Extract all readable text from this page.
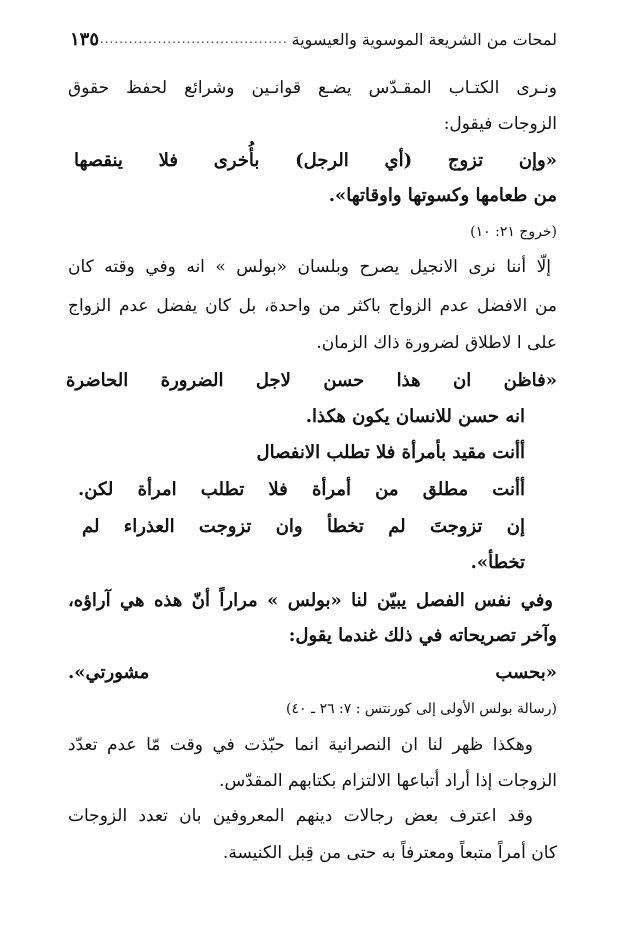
لمحات من الشريعة الموسوية والعيسوية
.......................................
١٣٥
ونـرى الكتـاب المقـدّس يضـع قوانـين وشرائع لحفظ حقوق
الزوجات فيقول:
«وإن تزوج (أي الرجل) بأُخرى فلا ينقصها
من طعامها وكسوتها واوقاتها».
(خروج ٢١: ١٠)
إلّا أننا نرى الانجيل يصرح وبلسان «بولس » انه وفي وقته كان
من الافضل عدم الزواج باكثر من واحدة، بل كان يفضل عدم الزواج
على ا لاطلاق لضرورة ذاك الزمان.
«فاظن ان هذا حسن لاجل الضرورة الحاضرة
انه حسن للانسان يكون هكذا.
أأنت مقيد بأمرأة فلا تطلب الانفصال
أأنت مطلق من أمرأة فلا تطلب امرأة لكن.
إن تزوجتَ لم تخطأ وان تزوجت العذراء لم
تخطأ».
وفي نفس الفصل يبيّن لنا «بولس » مراراً أنّ هذه هي آراؤه،
وآخر تصريحاته في ذلك غندما يقول:
«بحسب مشورتي».
(رسالة بولس الأولى إلى كورنتس : ٧: ٢٦ ـ ٤٠)
وهكذا ظهر لنا ان النصرانية انما حبّذت في وقت مّا عدم تعدّد
الزوجات إذا أراد أتباعها الالتزام بكتابهم المقدّس.
وقد اعترف بعض رجالات دينهم المعروفين بان تعدد الزوجات
كان أمراً متبعاً ومعترفاً به حتى من قِبل الكنيسة.
